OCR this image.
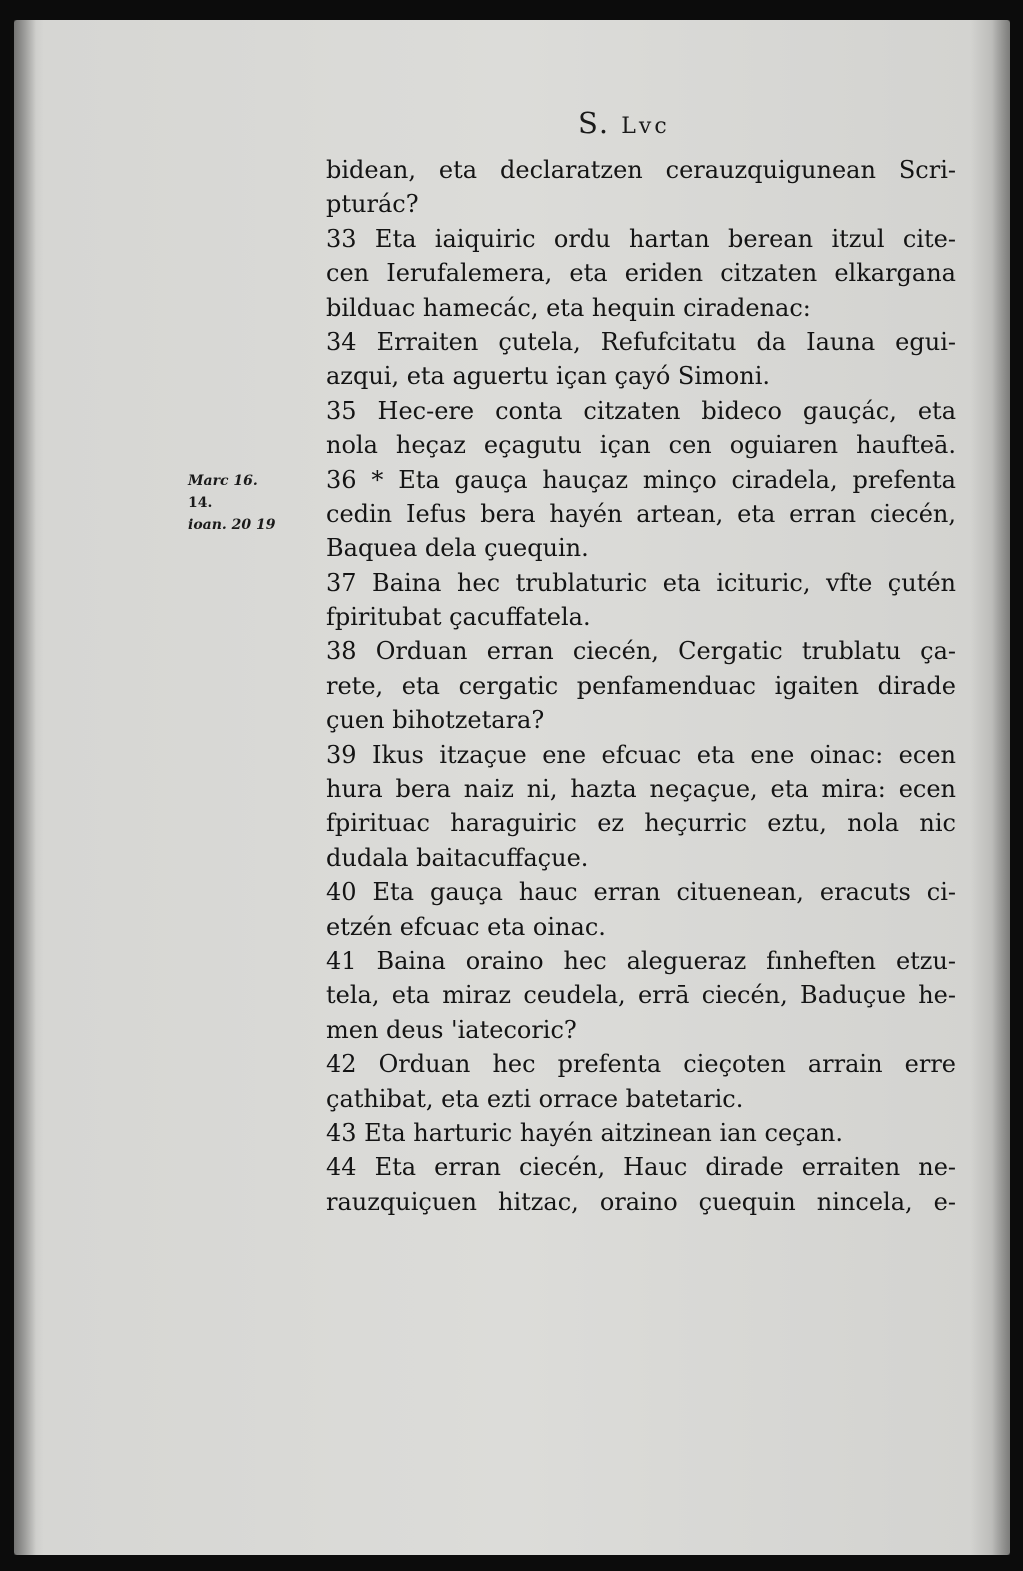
S. Lvc
Marc 16.
14.
ioan. 20 19
bidean, eta declaratzen cerauzquigunean Scri-
pturác?
33 Eta iaiquiric ordu hartan berean itzul cite-
cen Ierufalemera, eta eriden citzaten elkargana
bilduac hamecác, eta hequin ciradenac:
34 Erraiten çutela, Refufcitatu da Iauna egui-
azqui, eta aguertu içan çayó Simoni.
35 Hec-ere conta citzaten bideco gauçác, eta
nola heçaz eçagutu içan cen oguiaren haufteā.
36 * Eta gauça hauçaz minço ciradela, prefenta
cedin Iefus bera hayén artean, eta erran ciecén,
Baquea dela çuequin.
37 Baina hec trublaturic eta icituric, vfte çutén
fpiritubat çacuffatela.
38 Orduan erran ciecén, Cergatic trublatu ça-
rete, eta cergatic penfamenduac igaiten dirade
çuen bihotzetara?
39 Ikus itzaçue ene efcuac eta ene oinac: ecen
hura bera naiz ni, hazta neçaçue, eta mira: ecen
fpirituac haraguiric ez heçurric eztu, nola nic
dudala baitacuffaçue.
40 Eta gauça hauc erran cituenean, eracuts ci-
etzén efcuac eta oinac.
41 Baina oraino hec alegueraz fınheften etzu-
tela, eta miraz ceudela, errā ciecén, Baduçue he-
men deus 'iatecoric?
42 Orduan hec prefenta cieçoten arrain erre
çathibat, eta ezti orrace batetaric.
43 Eta harturic hayén aitzinean ian ceçan.
44 Eta erran ciecén, Hauc dirade erraiten ne-
rauzquiçuen hitzac, oraino çuequin nincela, e-
